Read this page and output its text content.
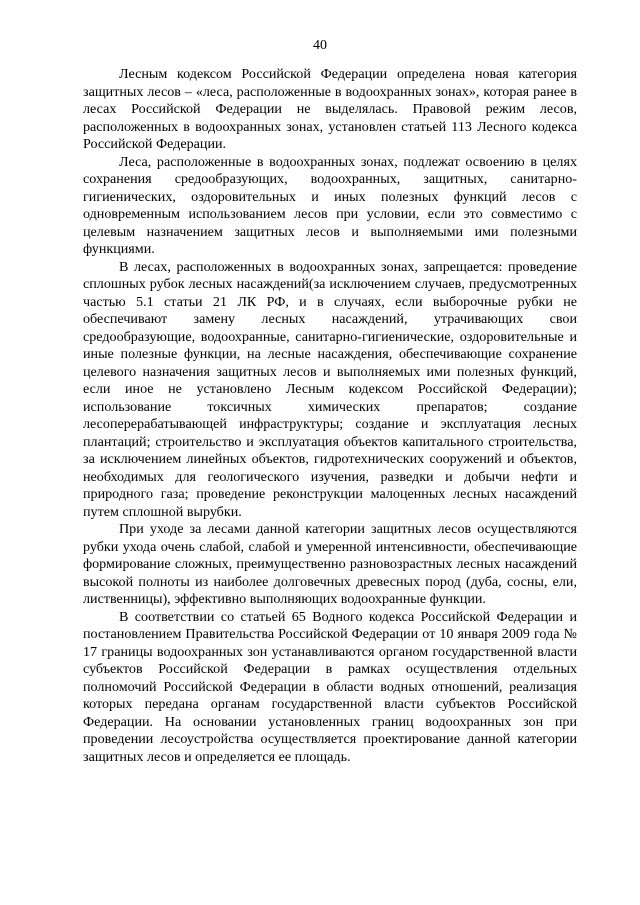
40

Лесным кодексом Российской Федерации определена новая категория защитных лесов – «леса, расположенные в водоохранных зонах», которая ранее в лесах Российской Федерации не выделялась. Правовой режим лесов, расположенных в водоохранных зонах, установлен статьей 113 Лесного кодекса Российской Федерации.

Леса, расположенные в водоохранных зонах, подлежат освоению в целях сохранения средообразующих, водоохранных, защитных, санитарно-гигиенических, оздоровительных и иных полезных функций лесов с одновременным использованием лесов при условии, если это совместимо с целевым назначением защитных лесов и выполняемыми ими полезными функциями.

В лесах, расположенных в водоохранных зонах, запрещается: проведение сплошных рубок лесных насаждений(за исключением случаев, предусмотренных частью 5.1 статьи 21 ЛК РФ, и в случаях, если выборочные рубки не обеспечивают замену лесных насаждений, утрачивающих свои средообразующие, водоохранные, санитарно-гигиенические, оздоровительные и иные полезные функции, на лесные насаждения, обеспечивающие сохранение целевого назначения защитных лесов и выполняемых ими полезных функций, если иное не установлено Лесным кодексом Российской Федерации); использование токсичных химических препаратов; создание лесоперерабатывающей инфраструктуры; создание и эксплуатация лесных плантаций; строительство и эксплуатация объектов капитального строительства, за исключением линейных объектов, гидротехнических сооружений и объектов, необходимых для геологического изучения, разведки и добычи нефти и природного газа; проведение реконструкции малоценных лесных насаждений путем сплошной вырубки.

При уходе за лесами данной категории защитных лесов осуществляются рубки ухода очень слабой, слабой и умеренной интенсивности, обеспечивающие формирование сложных, преимущественно разновозрастных лесных насаждений высокой полноты из наиболее долговечных древесных пород (дуба, сосны, ели, лиственницы), эффективно выполняющих водоохранные функции.

В соответствии со статьей 65 Водного кодекса Российской Федерации и постановлением Правительства Российской Федерации от 10 января 2009 года № 17 границы водоохранных зон устанавливаются органом государственной власти субъектов Российской Федерации в рамках осуществления отдельных полномочий Российской Федерации в области водных отношений, реализация которых передана органам государственной власти субъектов Российской Федерации. На основании установленных границ водоохранных зон при проведении лесоустройства осуществляется проектирование данной категории защитных лесов и определяется ее площадь.
